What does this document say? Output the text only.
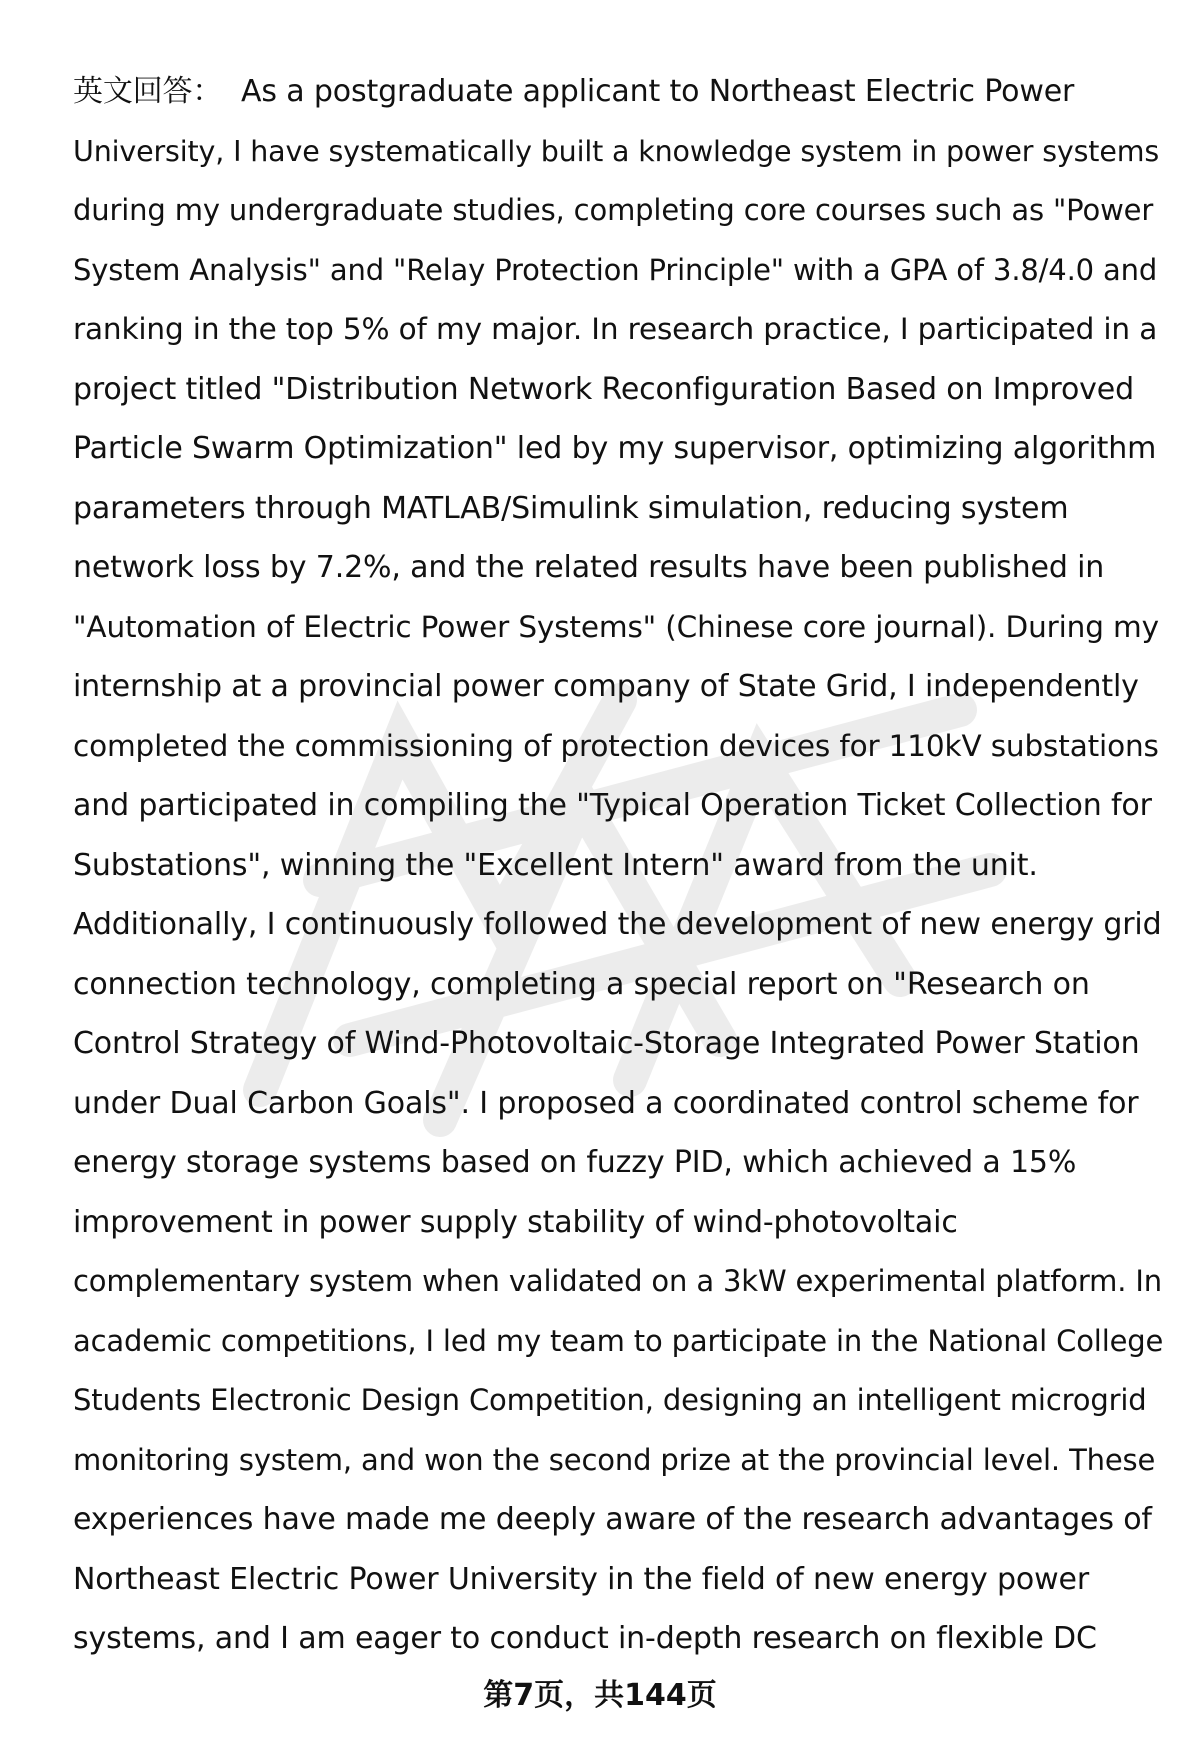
英文回答：  As a postgraduate applicant to Northeast Electric Power
University, I have systematically built a knowledge system in power systems
during my undergraduate studies, completing core courses such as "Power
System Analysis" and "Relay Protection Principle" with a GPA of 3.8/4.0 and
ranking in the top 5% of my major. In research practice, I participated in a
project titled "Distribution Network Reconfiguration Based on Improved
Particle Swarm Optimization" led by my supervisor, optimizing algorithm
parameters through MATLAB/Simulink simulation, reducing system
network loss by 7.2%, and the related results have been published in
"Automation of Electric Power Systems" (Chinese core journal). During my
internship at a provincial power company of State Grid, I independently
completed the commissioning of protection devices for 110kV substations
and participated in compiling the "Typical Operation Ticket Collection for
Substations", winning the "Excellent Intern" award from the unit.
Additionally, I continuously followed the development of new energy grid
connection technology, completing a special report on "Research on
Control Strategy of Wind-Photovoltaic-Storage Integrated Power Station
under Dual Carbon Goals". I proposed a coordinated control scheme for
energy storage systems based on fuzzy PID, which achieved a 15%
improvement in power supply stability of wind-photovoltaic
complementary system when validated on a 3kW experimental platform. In
academic competitions, I led my team to participate in the National College
Students Electronic Design Competition, designing an intelligent microgrid
monitoring system, and won the second prize at the provincial level. These
experiences have made me deeply aware of the research advantages of
Northeast Electric Power University in the field of new energy power
systems, and I am eager to conduct in-depth research on flexible DC
第7页，共144页
